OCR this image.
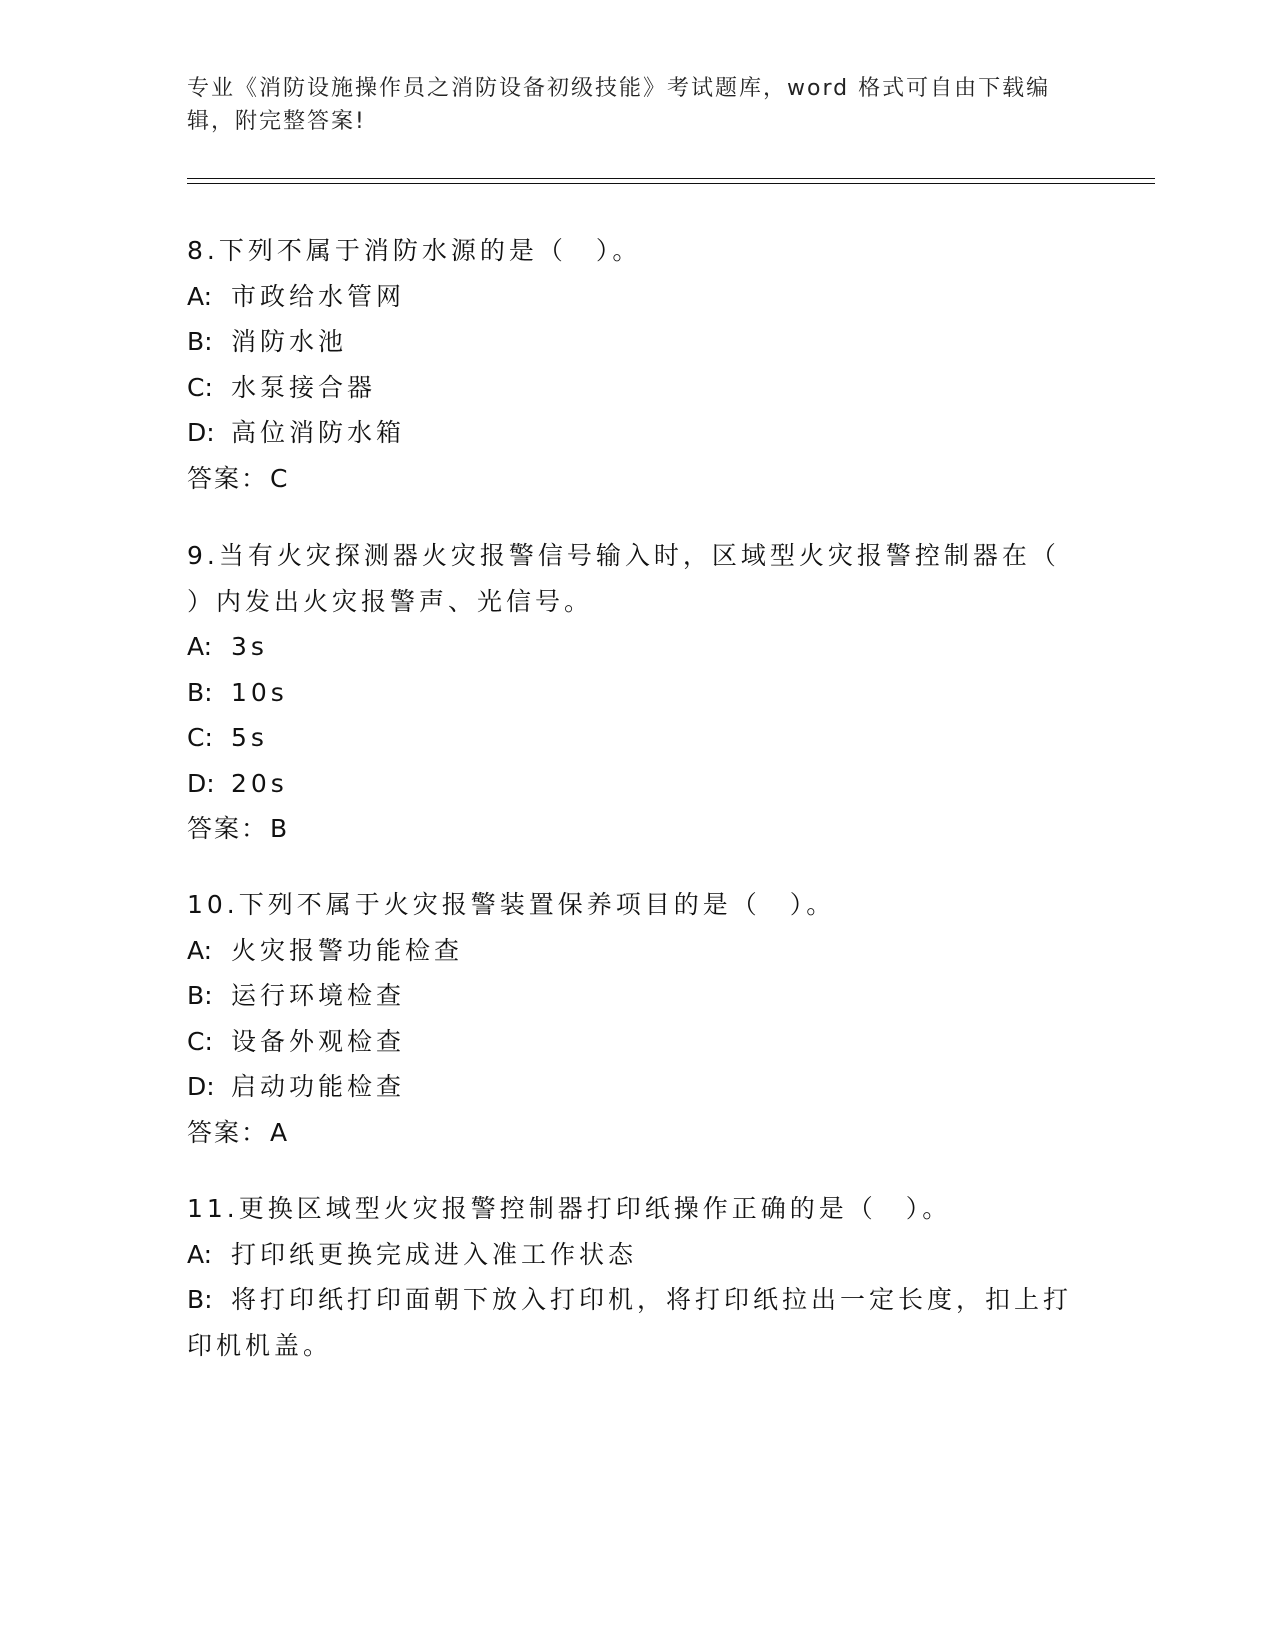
专业《消防设施操作员之消防设备初级技能》考试题库，word 格式可自由下载编
辑，附完整答案!
8.下列不属于消防水源的是（　）。
A: 市政给水管网
B: 消防水池
C: 水泵接合器
D: 高位消防水箱
答案：C
9.当有火灾探测器火灾报警信号输入时，区域型火灾报警控制器在（
）内发出火灾报警声、光信号。
A: 3s
B: 10s
C: 5s
D: 20s
答案：B
10.下列不属于火灾报警装置保养项目的是（　）。
A: 火灾报警功能检查
B: 运行环境检查
C: 设备外观检查
D: 启动功能检查
答案：A
11.更换区域型火灾报警控制器打印纸操作正确的是（　）。
A: 打印纸更换完成进入准工作状态
B: 将打印纸打印面朝下放入打印机，将打印纸拉出一定长度，扣上打
印机机盖。
